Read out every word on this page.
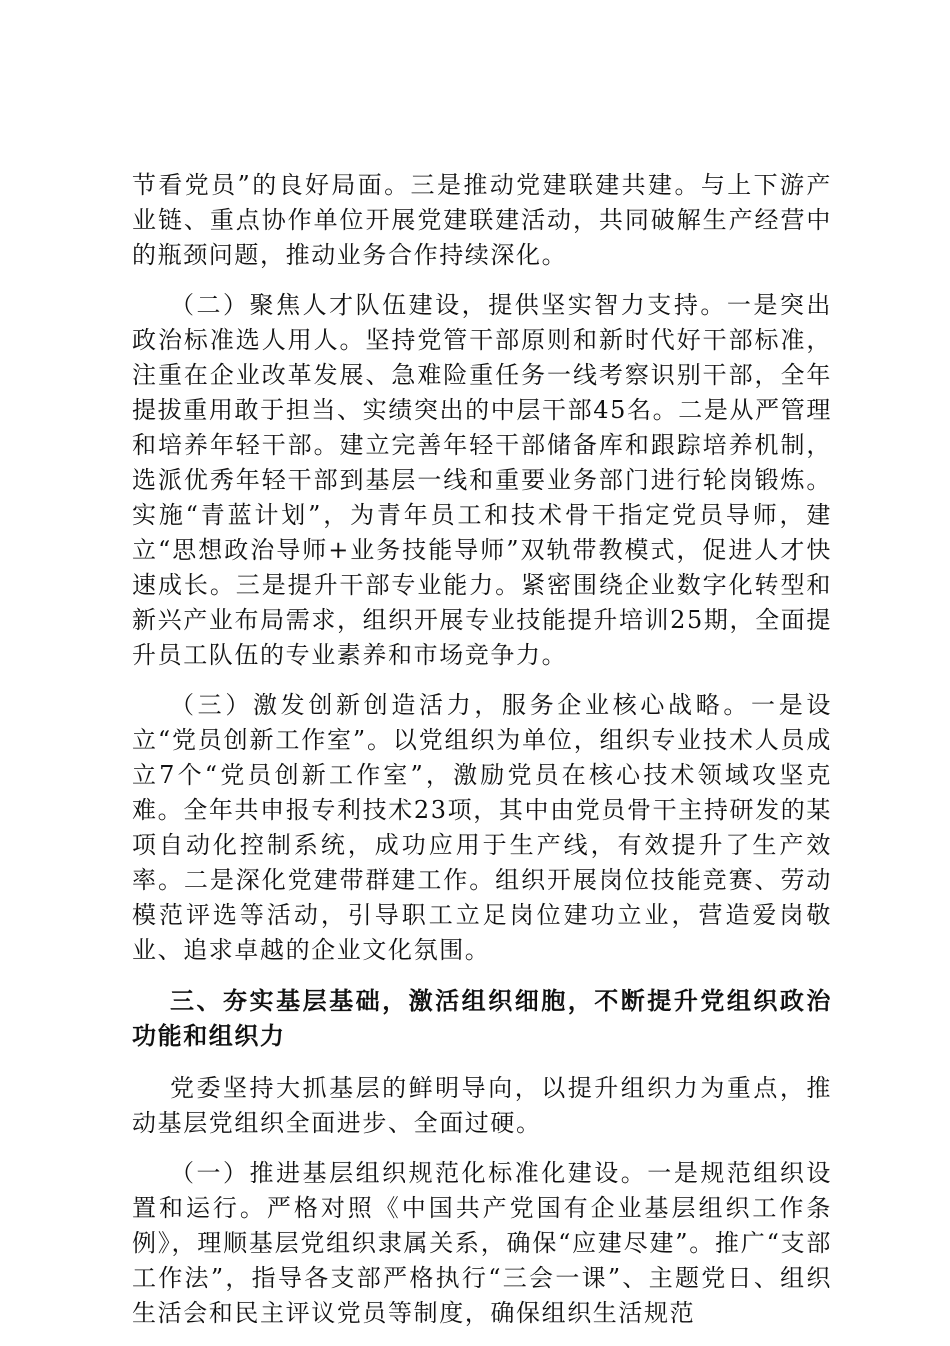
节看党员”的良好局面。三是推动党建联建共建。与上下游产业链、重点协作单位开展党建联建活动，共同破解生产经营中的瓶颈问题，推动业务合作持续深化。

（二）聚焦人才队伍建设，提供坚实智力支持。一是突出政治标准选人用人。坚持党管干部原则和新时代好干部标准，注重在企业改革发展、急难险重任务一线考察识别干部，全年提拔重用敢于担当、实绩突出的中层干部45名。二是从严管理和培养年轻干部。建立完善年轻干部储备库和跟踪培养机制，选派优秀年轻干部到基层一线和重要业务部门进行轮岗锻炼。实施“青蓝计划”，为青年员工和技术骨干指定党员导师，建立“思想政治导师+业务技能导师”双轨带教模式，促进人才快速成长。三是提升干部专业能力。紧密围绕企业数字化转型和新兴产业布局需求，组织开展专业技能提升培训25期，全面提升员工队伍的专业素养和市场竞争力。

（三）激发创新创造活力，服务企业核心战略。一是设立“党员创新工作室”。以党组织为单位，组织专业技术人员成立7个“党员创新工作室”，激励党员在核心技术领域攻坚克难。全年共申报专利技术23项，其中由党员骨干主持研发的某项自动化控制系统，成功应用于生产线，有效提升了生产效率。二是深化党建带群建工作。组织开展岗位技能竞赛、劳动模范评选等活动，引导职工立足岗位建功立业，营造爱岗敬业、追求卓越的企业文化氛围。

三、夯实基层基础，激活组织细胞，不断提升党组织政治功能和组织力

党委坚持大抓基层的鲜明导向，以提升组织力为重点，推动基层党组织全面进步、全面过硬。

（一）推进基层组织规范化标准化建设。一是规范组织设置和运行。严格对照《中国共产党国有企业基层组织工作条例》，理顺基层党组织隶属关系，确保“应建尽建”。推广“支部工作法”，指导各支部严格执行“三会一课”、主题党日、组织生活会和民主评议党员等制度，确保组织生活规范
